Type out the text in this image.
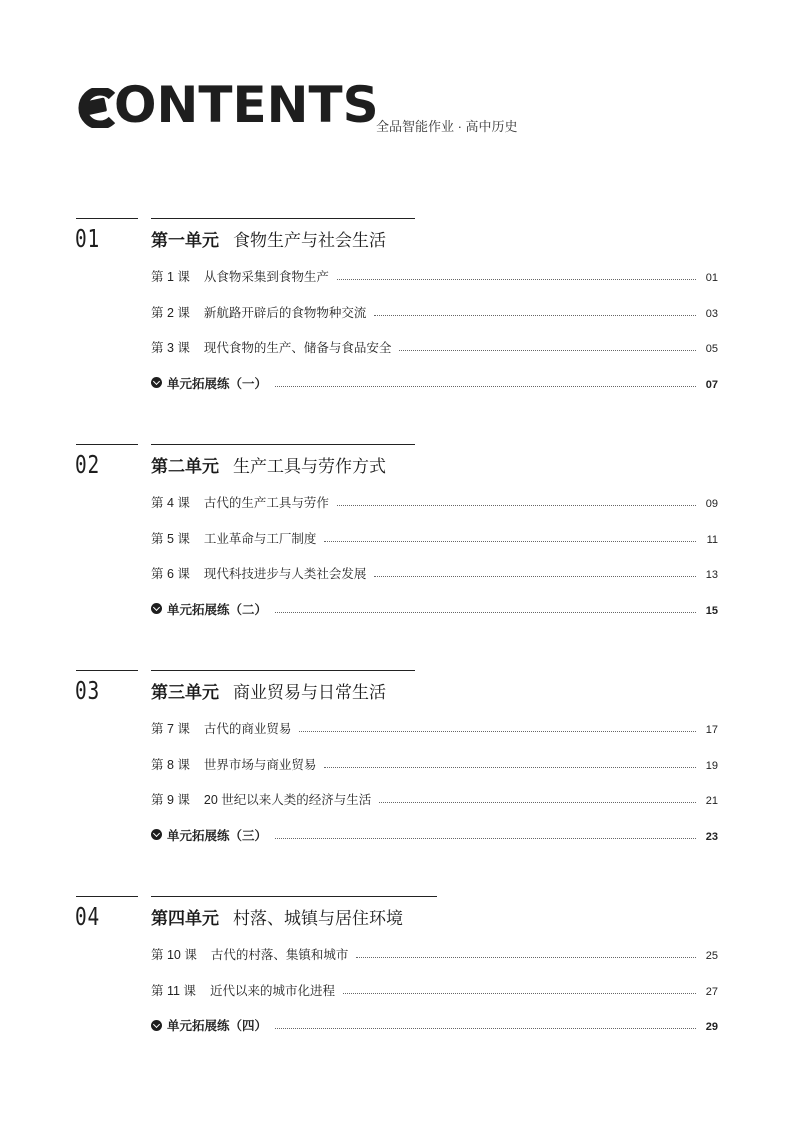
ONTENTS
全品智能作业 · 高中历史
01	第一单元 食物生产与社会生活
第 1 课 从食物采集到食物生产	01
第 2 课 新航路开辟后的食物物种交流	03
第 3 课 现代食物的生产、储备与食品安全	05
单元拓展练（一）	07
02	第二单元 生产工具与劳作方式
第 4 课 古代的生产工具与劳作	09
第 5 课 工业革命与工厂制度	11
第 6 课 现代科技进步与人类社会发展	13
单元拓展练（二）	15
03	第三单元 商业贸易与日常生活
第 7 课 古代的商业贸易	17
第 8 课 世界市场与商业贸易	19
第 9 课 20 世纪以来人类的经济与生活	21
单元拓展练（三）	23
04	第四单元 村落、城镇与居住环境
第 10 课 古代的村落、集镇和城市	25
第 11 课 近代以来的城市化进程	27
单元拓展练（四）	29
